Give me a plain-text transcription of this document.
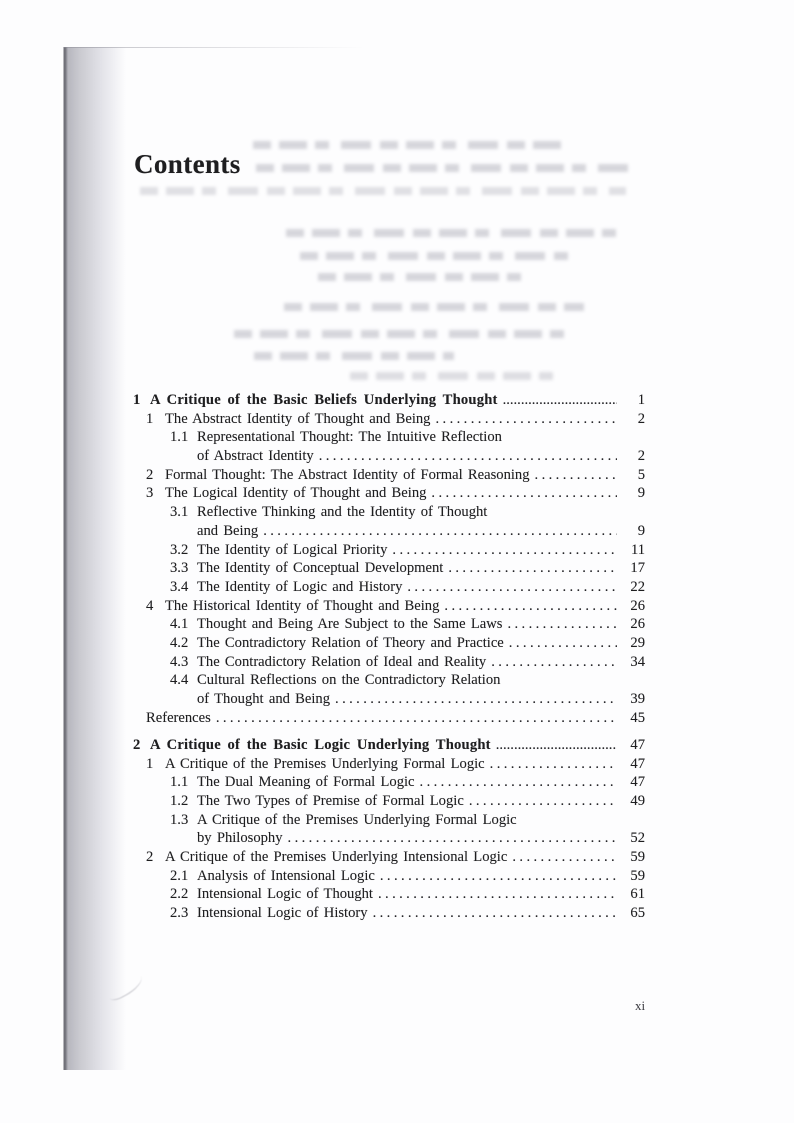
Contents
1 A Critique of the Basic Beliefs Underlying Thought .....	1
1 The Abstract Identity of Thought and Being .....	2
1.1 Representational Thought: The Intuitive Reflection
of Abstract Identity .....	2
2 Formal Thought: The Abstract Identity of Formal Reasoning .....	5
3 The Logical Identity of Thought and Being .....	9
3.1 Reflective Thinking and the Identity of Thought
and Being .....	9
3.2 The Identity of Logical Priority .....	11
3.3 The Identity of Conceptual Development .....	17
3.4 The Identity of Logic and History .....	22
4 The Historical Identity of Thought and Being .....	26
4.1 Thought and Being Are Subject to the Same Laws .....	26
4.2 The Contradictory Relation of Theory and Practice .....	29
4.3 The Contradictory Relation of Ideal and Reality .....	34
4.4 Cultural Reflections on the Contradictory Relation
of Thought and Being .....	39
References .....	45
2 A Critique of the Basic Logic Underlying Thought .....	47
1 A Critique of the Premises Underlying Formal Logic .....	47
1.1 The Dual Meaning of Formal Logic .....	47
1.2 The Two Types of Premise of Formal Logic .....	49
1.3 A Critique of the Premises Underlying Formal Logic
by Philosophy .....	52
2 A Critique of the Premises Underlying Intensional Logic .....	59
2.1 Analysis of Intensional Logic .....	59
2.2 Intensional Logic of Thought .....	61
2.3 Intensional Logic of History .....	65
xi
